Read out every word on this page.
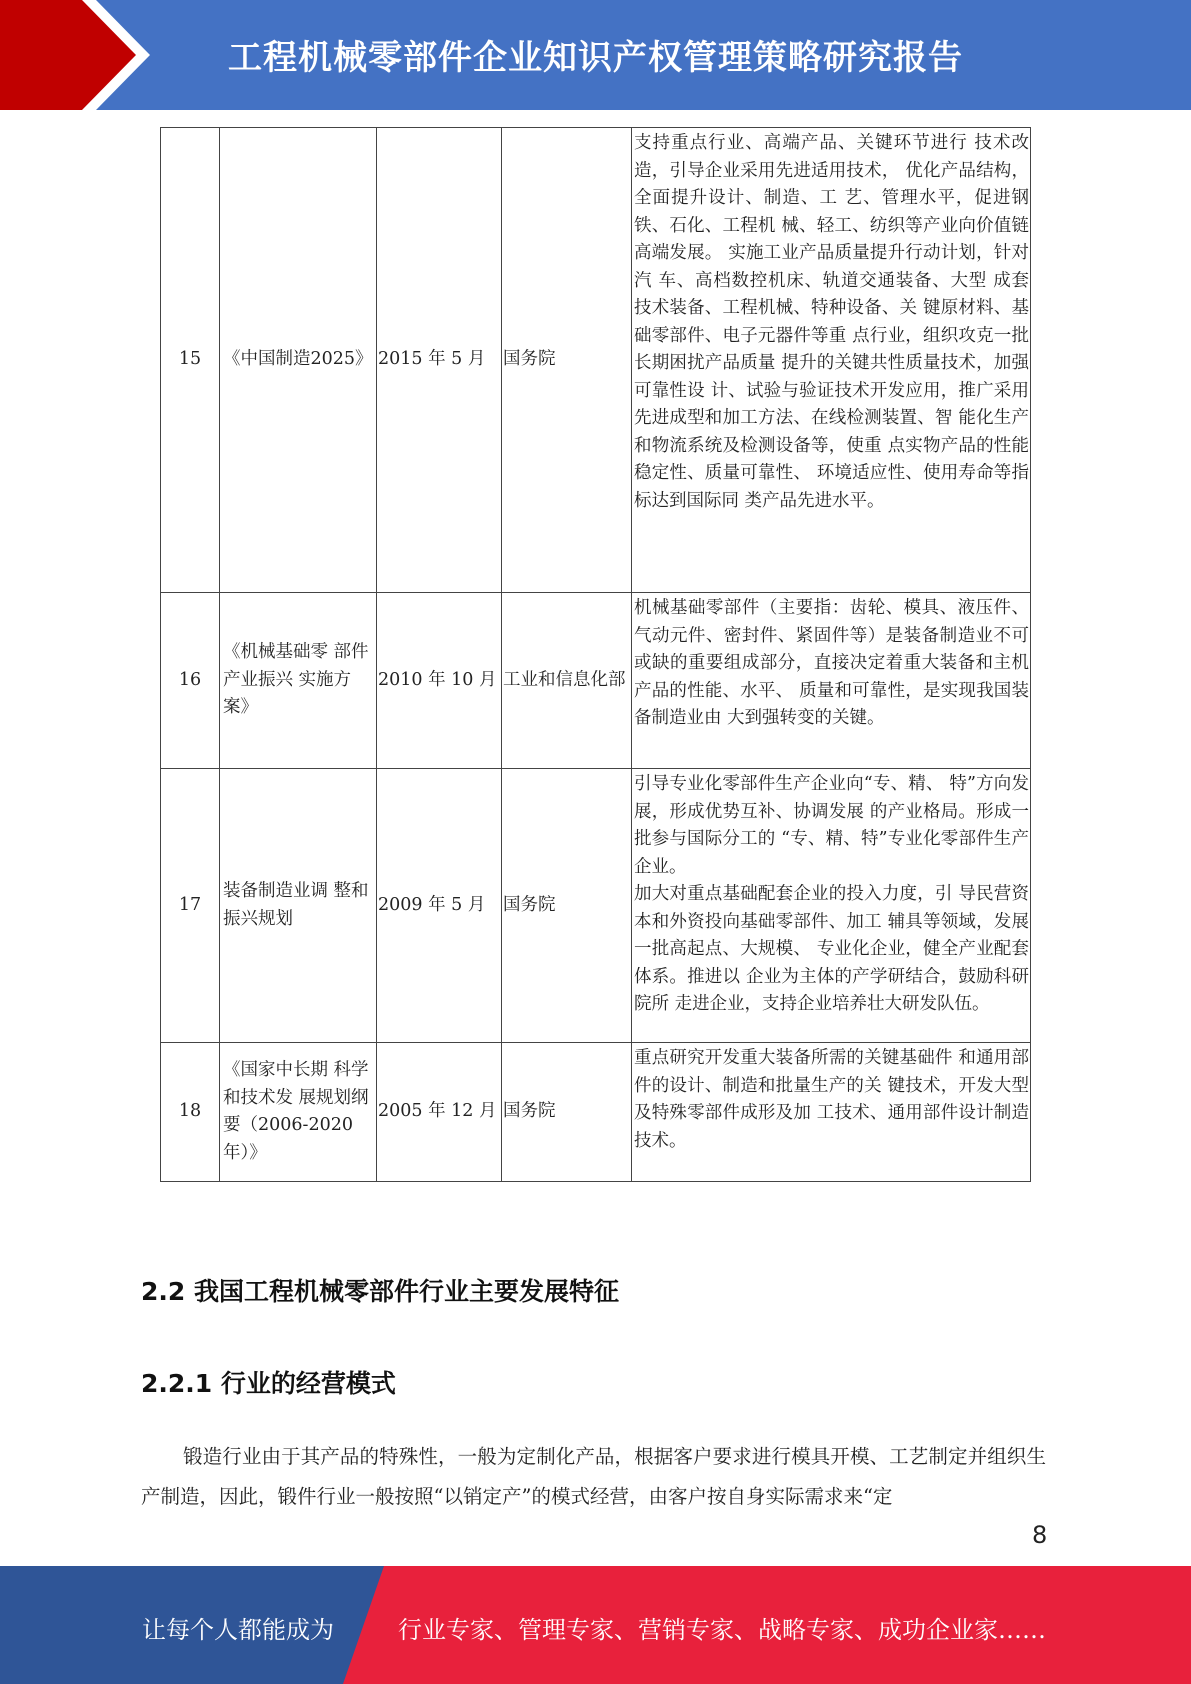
工程机械零部件企业知识产权管理策略研究报告
15	《中国制造2025》	2015 年 5 月	国务院	支持重点行业、高端产品、关键环节进行 技术改造，引导企业采用先进适用技术， 优化产品结构，全面提升设计、制造、工 艺、管理水平，促进钢铁、石化、工程机 械、轻工、纺织等产业向价值链高端发展。 实施工业产品质量提升行动计划，针对汽 车、高档数控机床、轨道交通装备、大型 成套技术装备、工程机械、特种设备、关 键原材料、基础零部件、电子元器件等重 点行业，组织攻克一批长期困扰产品质量 提升的关键共性质量技术，加强可靠性设 计、试验与验证技术开发应用，推广采用 先进成型和加工方法、在线检测装置、智 能化生产和物流系统及检测设备等，使重 点实物产品的性能稳定性、质量可靠性、 环境适应性、使用寿命等指标达到国际同 类产品先进水平。

16	《机械基础零 部件产业振兴 实施方案》	2010 年 10 月	工业和信息化部	机械基础零部件（主要指：齿轮、模具、液压件、气动元件、密封件、紧固件等）是装备制造业不可或缺的重要组成部分，直接决定着重大装备和主机产品的性能、水平、 质量和可靠性，是实现我国装备制造业由 大到强转变的关键。

17	装备制造业调 整和振兴规划	2009 年 5 月	国务院	引导专业化零部件生产企业向“专、精、 特”方向发展，形成优势互补、协调发展 的产业格局。形成一批参与国际分工的 “专、精、特”专业化零部件生产企业。

加大对重点基础配套企业的投入力度，引 导民营资本和外资投向基础零部件、加工 辅具等领域，发展一批高起点、大规模、 专业化企业，健全产业配套体系。推进以 企业为主体的产学研结合，鼓励科研院所 走进企业，支持企业培养壮大研发队伍。

18	《国家中长期 科学和技术发 展规划纲要（2006-2020年）》	2005 年 12 月	国务院	重点研究开发重大装备所需的关键基础件 和通用部件的设计、制造和批量生产的关 键技术，开发大型及特殊零部件成形及加 工技术、通用部件设计制造技术。

2.2 我国工程机械零部件行业主要发展特征
2.2.1 行业的经营模式

锻造行业由于其产品的特殊性，一般为定制化产品，根据客户要求进行模具开模、工艺制定并组织生产制造，因此，锻件行业一般按照“以销定产”的模式经营，由客户按自身实际需求来“定

8
让每个人都能成为	行业专家、管理专家、营销专家、战略专家、成功企业家……
